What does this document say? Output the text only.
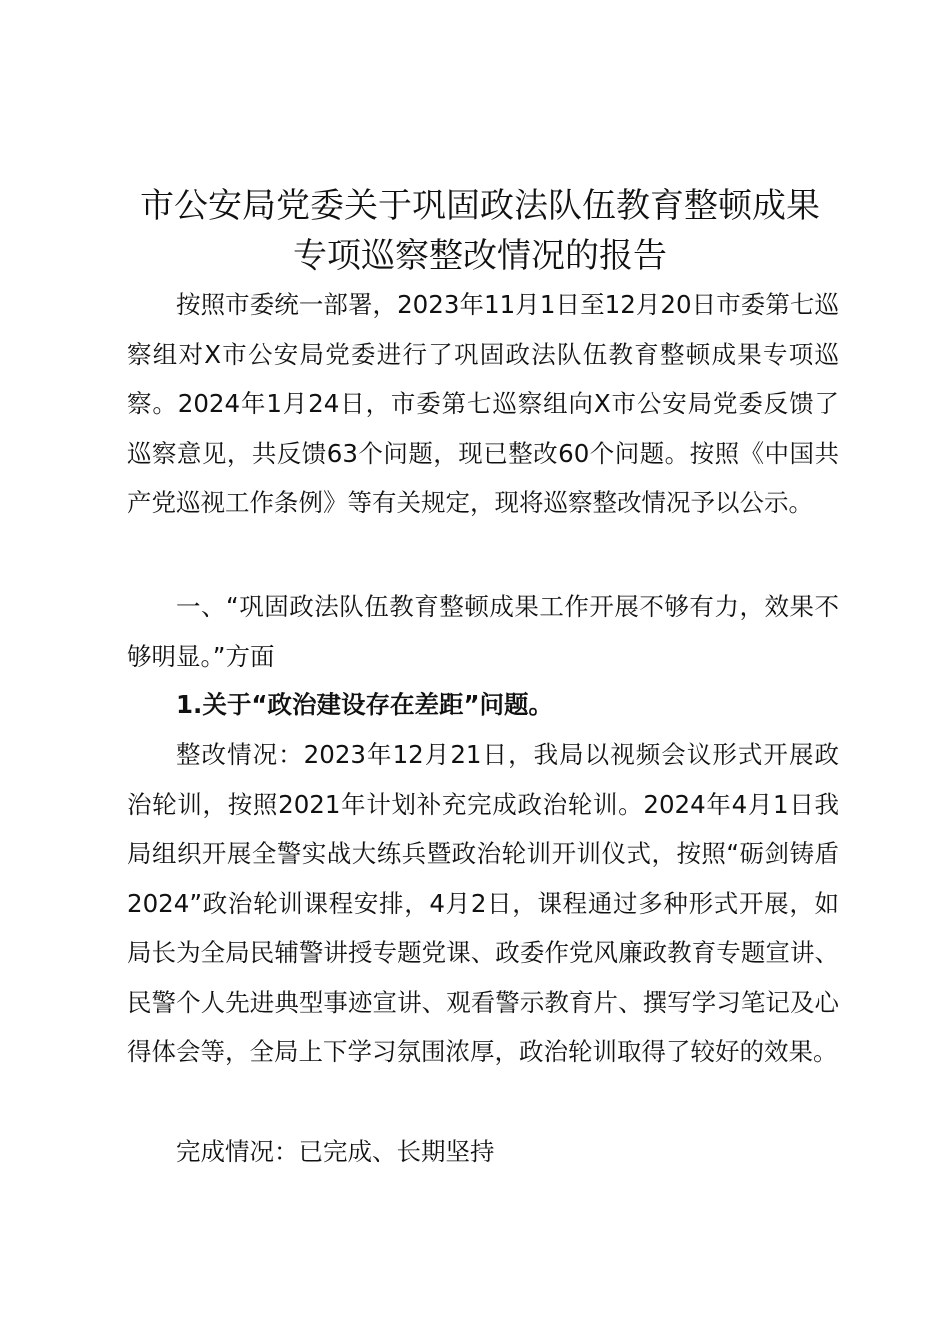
市公安局党委关于巩固政法队伍教育整顿成果
专项巡察整改情况的报告

按照市委统一部署，2023年11月1日至12月20日市委第七巡察组对X市公安局党委进行了巩固政法队伍教育整顿成果专项巡察。2024年1月24日，市委第七巡察组向X市公安局党委反馈了巡察意见，共反馈63个问题，现已整改60个问题。按照《中国共产党巡视工作条例》等有关规定，现将巡察整改情况予以公示。

一、“巩固政法队伍教育整顿成果工作开展不够有力，效果不够明显。”方面

1.关于“政治建设存在差距”问题。

整改情况：2023年12月21日，我局以视频会议形式开展政治轮训，按照2021年计划补充完成政治轮训。2024年4月1日我局组织开展全警实战大练兵暨政治轮训开训仪式，按照“砺剑铸盾2024”政治轮训课程安排，4月2日，课程通过多种形式开展，如局长为全局民辅警讲授专题党课、政委作党风廉政教育专题宣讲、民警个人先进典型事迹宣讲、观看警示教育片、撰写学习笔记及心得体会等，全局上下学习氛围浓厚，政治轮训取得了较好的效果。

完成情况：已完成、长期坚持
